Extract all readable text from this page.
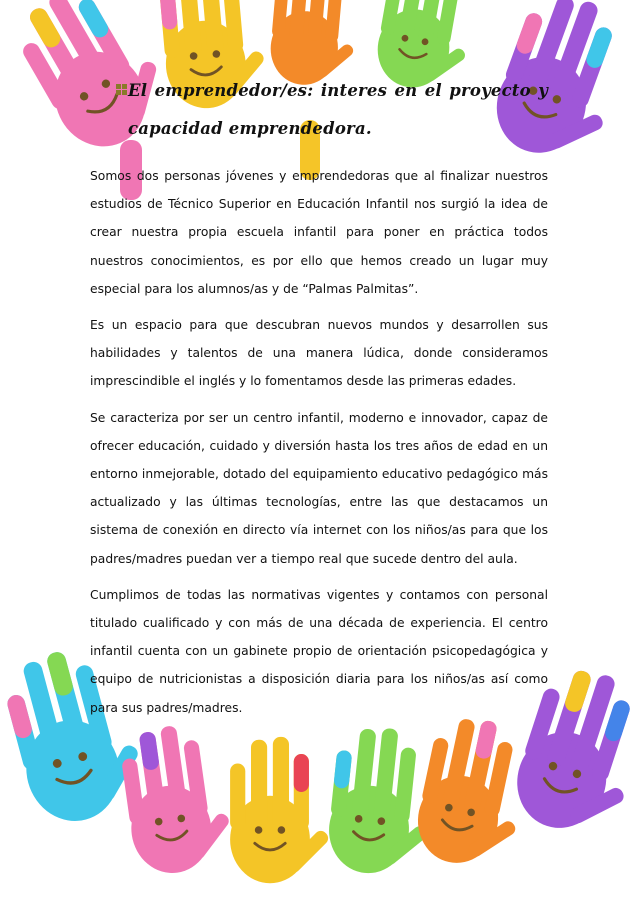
El emprendedor/es: interes en el proyecto y capacidad emprendedora.

Somos dos personas jóvenes y emprendedoras que al finalizar nuestros estudios de Técnico Superior en Educación Infantil nos surgió la idea de crear nuestra propia escuela infantil para poner en práctica todos nuestros conocimientos, es por ello que hemos creado un lugar muy especial para los alumnos/as y de “Palmas Palmitas”.

Es un espacio para que descubran nuevos mundos y desarrollen sus habilidades y talentos de una manera lúdica, donde consideramos imprescindible el inglés y lo fomentamos desde las primeras edades.

Se caracteriza por ser un centro infantil, moderno e innovador, capaz de ofrecer educación, cuidado y diversión hasta los tres años de edad en un entorno inmejorable, dotado del equipamiento educativo pedagógico más actualizado y las últimas tecnologías, entre las que destacamos un sistema de conexión en directo vía internet con los niños/as para que los padres/madres puedan ver a tiempo real que sucede dentro del aula.

Cumplimos de todas las normativas vigentes y contamos con personal titulado cualificado y con más de una década de experiencia. El centro infantil cuenta con un gabinete propio de orientación psicopedagógica y equipo de nutricionistas a disposición diaria para los niños/as así como para sus padres/madres.
